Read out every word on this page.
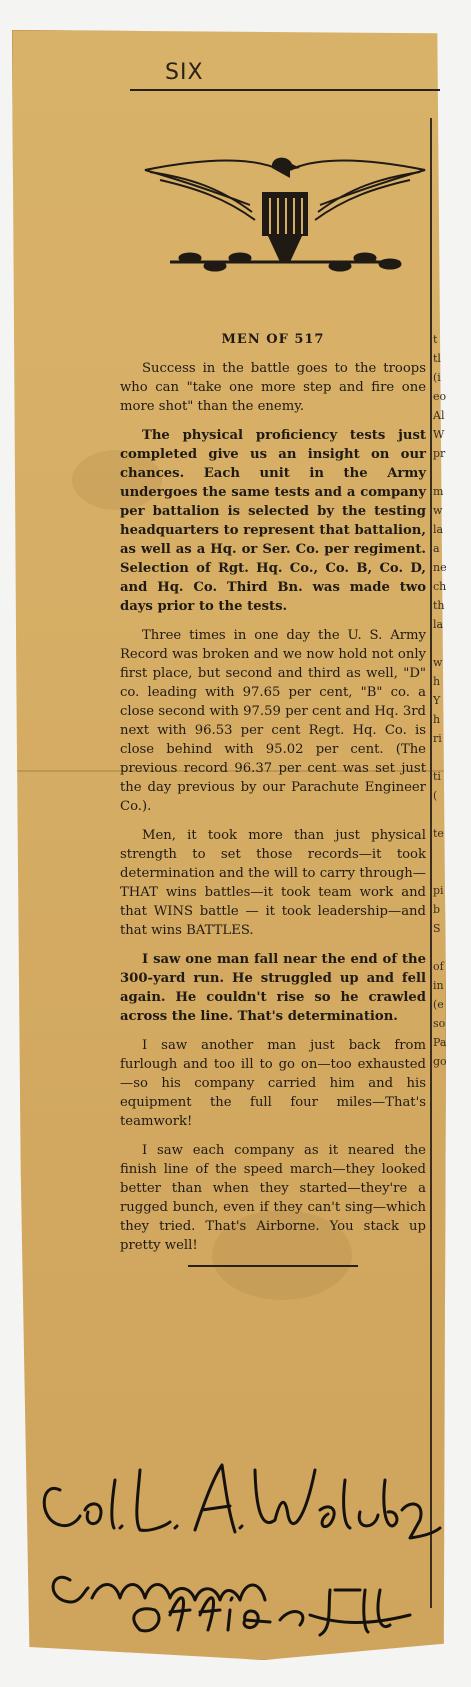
SIX
MEN OF 517

Success in the battle goes to the troops who can "take one more step and fire one more shot" than the enemy.

The physical proficiency tests just completed give us an insight on our chances. Each unit in the Army undergoes the same tests and a company per battalion is selected by the testing headquarters to represent that battalion, as well as a Hq. or Ser. Co. per regiment. Selection of Rgt. Hq. Co., Co. B, Co. D, and Hq. Co. Third Bn. was made two days prior to the tests.

Three times in one day the U. S. Army Record was broken and we now hold not only first place, but second and third as well, "D" co. leading with 97.65 per cent, "B" co. a close second with 97.59 per cent and Hq. 3rd next with 96.53 per cent Regt. Hq. Co. is close behind with 95.02 per cent. (The previous record 96.37 per cent was set just the day previous by our Parachute Engineer Co.).

Men, it took more than just physical strength to set those records—it took determination and the will to carry through—THAT wins battles—it took team work and that WINS battle — it took leadership—and that wins BATTLES.

I saw one man fall near the end of the 300-yard run. He struggled up and fell again. He couldn't rise so he crawled across the line. That's determination.

I saw another man just back from furlough and too ill to go on—too exhausted—so his company carried him and his equipment the full four miles—That's teamwork!

I saw each company as it neared the finish line of the speed march—they looked better than when they started—they're a rugged bunch, even if they can't sing—which they tried. That's Airborne. You stack up pretty well!

t
tl
(i
eo
Al
W
pr

m
w
la
a
ne
ch
th
la

w
h
Y
h
ri

ti
(

te

pi
b
S

of
in
(e
so
Pa
go
